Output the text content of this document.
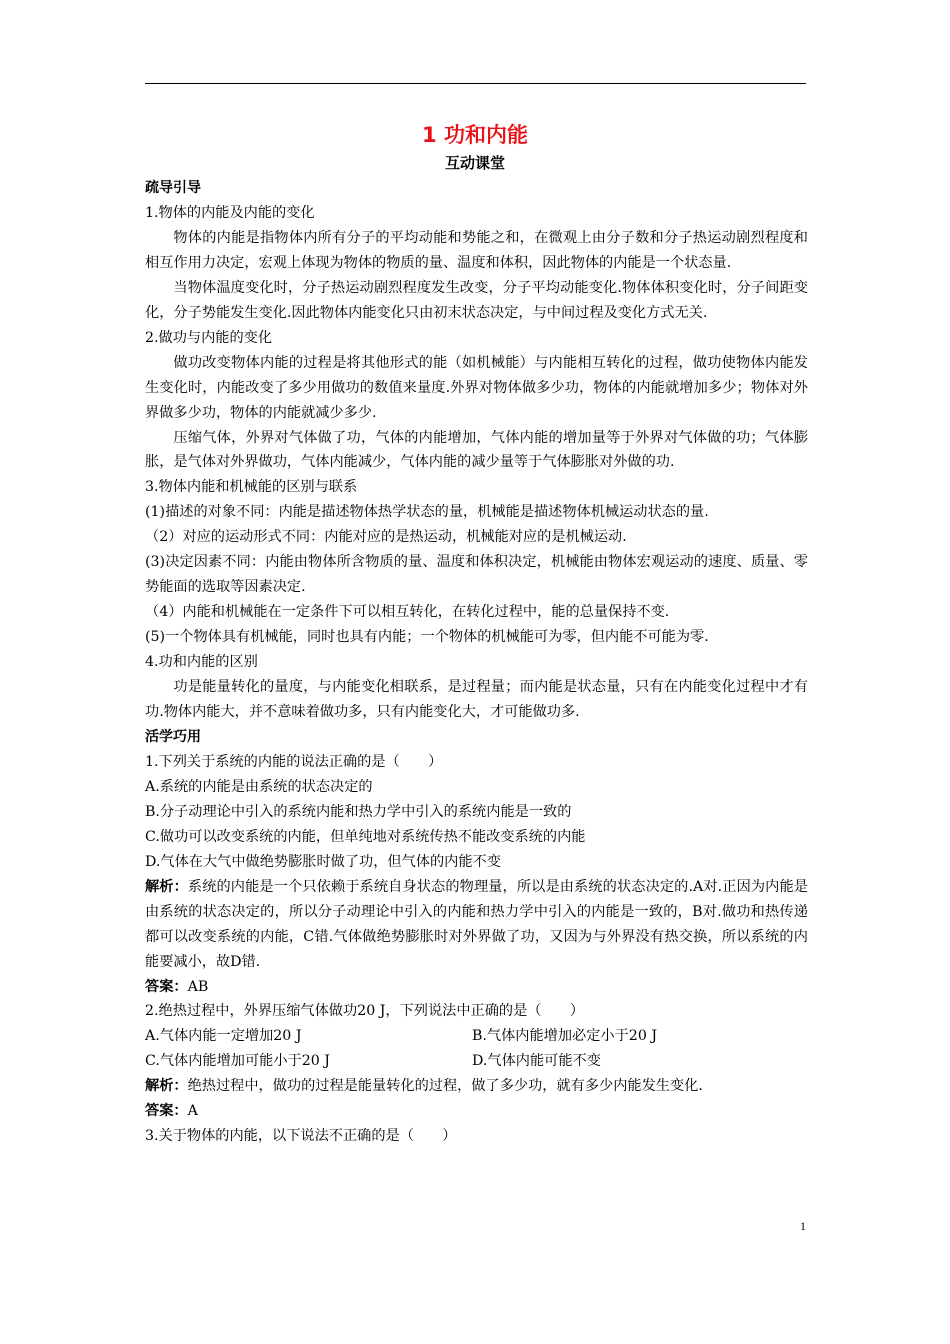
1 功和内能
互动课堂

疏导引导

1.物体的内能及内能的变化

物体的内能是指物体内所有分子的平均动能和势能之和，在微观上由分子数和分子热运动剧烈程度和相互作用力决定，宏观上体现为物体的物质的量、温度和体积，因此物体的内能是一个状态量.

当物体温度变化时，分子热运动剧烈程度发生改变，分子平均动能变化.物体体积变化时，分子间距变化，分子势能发生变化.因此物体内能变化只由初末状态决定，与中间过程及变化方式无关.

2.做功与内能的变化

做功改变物体内能的过程是将其他形式的能（如机械能）与内能相互转化的过程，做功使物体内能发生变化时，内能改变了多少用做功的数值来量度.外界对物体做多少功，物体的内能就增加多少；物体对外界做多少功，物体的内能就减少多少.

压缩气体，外界对气体做了功，气体的内能增加，气体内能的增加量等于外界对气体做的功；气体膨胀，是气体对外界做功，气体内能减少，气体内能的减少量等于气体膨胀对外做的功.

3.物体内能和机械能的区别与联系

(1)描述的对象不同：内能是描述物体热学状态的量，机械能是描述物体机械运动状态的量.

（2）对应的运动形式不同：内能对应的是热运动，机械能对应的是机械运动.

(3)决定因素不同：内能由物体所含物质的量、温度和体积决定，机械能由物体宏观运动的速度、质量、零势能面的选取等因素决定.

（4）内能和机械能在一定条件下可以相互转化，在转化过程中，能的总量保持不变.

(5)一个物体具有机械能，同时也具有内能；一个物体的机械能可为零，但内能不可能为零.

4.功和内能的区别

功是能量转化的量度，与内能变化相联系，是过程量；而内能是状态量，只有在内能变化过程中才有功.物体内能大，并不意味着做功多，只有内能变化大，才可能做功多.

活学巧用

1.下列关于系统的内能的说法正确的是（　　）

A.系统的内能是由系统的状态决定的

B.分子动理论中引入的系统内能和热力学中引入的系统内能是一致的

C.做功可以改变系统的内能，但单纯地对系统传热不能改变系统的内能

D.气体在大气中做绝势膨胀时做了功，但气体的内能不变

解析：系统的内能是一个只依赖于系统自身状态的物理量，所以是由系统的状态决定的.A对.正因为内能是由系统的状态决定的，所以分子动理论中引入的内能和热力学中引入的内能是一致的，B对.做功和热传递都可以改变系统的内能，C错.气体做绝势膨胀时对外界做了功，又因为与外界没有热交换，所以系统的内能要减小，故D错.

答案：AB

2.绝热过程中，外界压缩气体做功20 J，下列说法中正确的是（　　）

A.气体内能一定增加20 J	B.气体内能增加必定小于20 J
C.气体内能增加可能小于20 J	D.气体内能可能不变

解析：绝热过程中，做功的过程是能量转化的过程，做了多少功，就有多少内能发生变化.

答案：A

3.关于物体的内能，以下说法不正确的是（　　）

1
